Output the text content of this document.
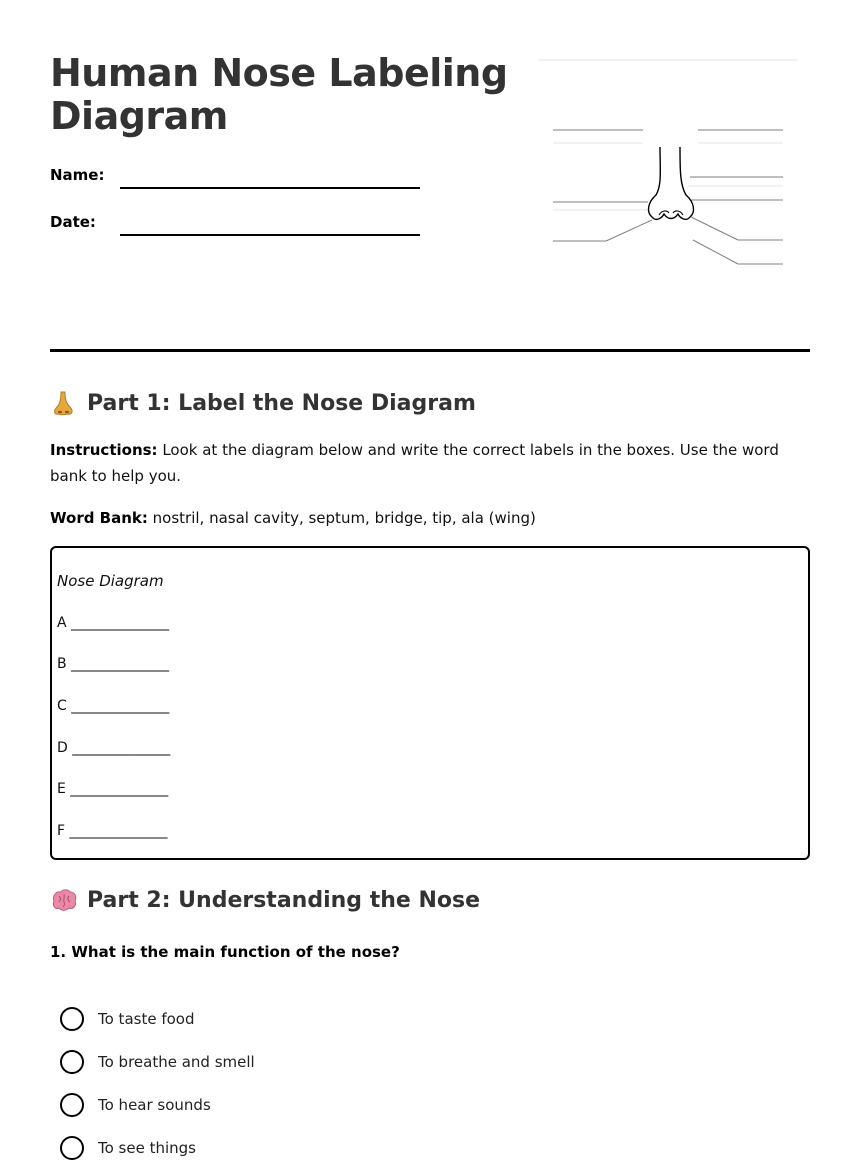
Human Nose Labeling Diagram
Name:
Date:
Part 1: Label the Nose Diagram

Instructions: Look at the diagram below and write the correct labels in the boxes. Use the word bank to help you.

Word Bank: nostril, nasal cavity, septum, bridge, tip, ala (wing)

Nose Diagram
A ______________
B ______________
C ______________
D ______________
E ______________
F ______________
Part 2: Understanding the Nose
1. What is the main function of the nose?
To taste food
To breathe and smell
To hear sounds
To see things
